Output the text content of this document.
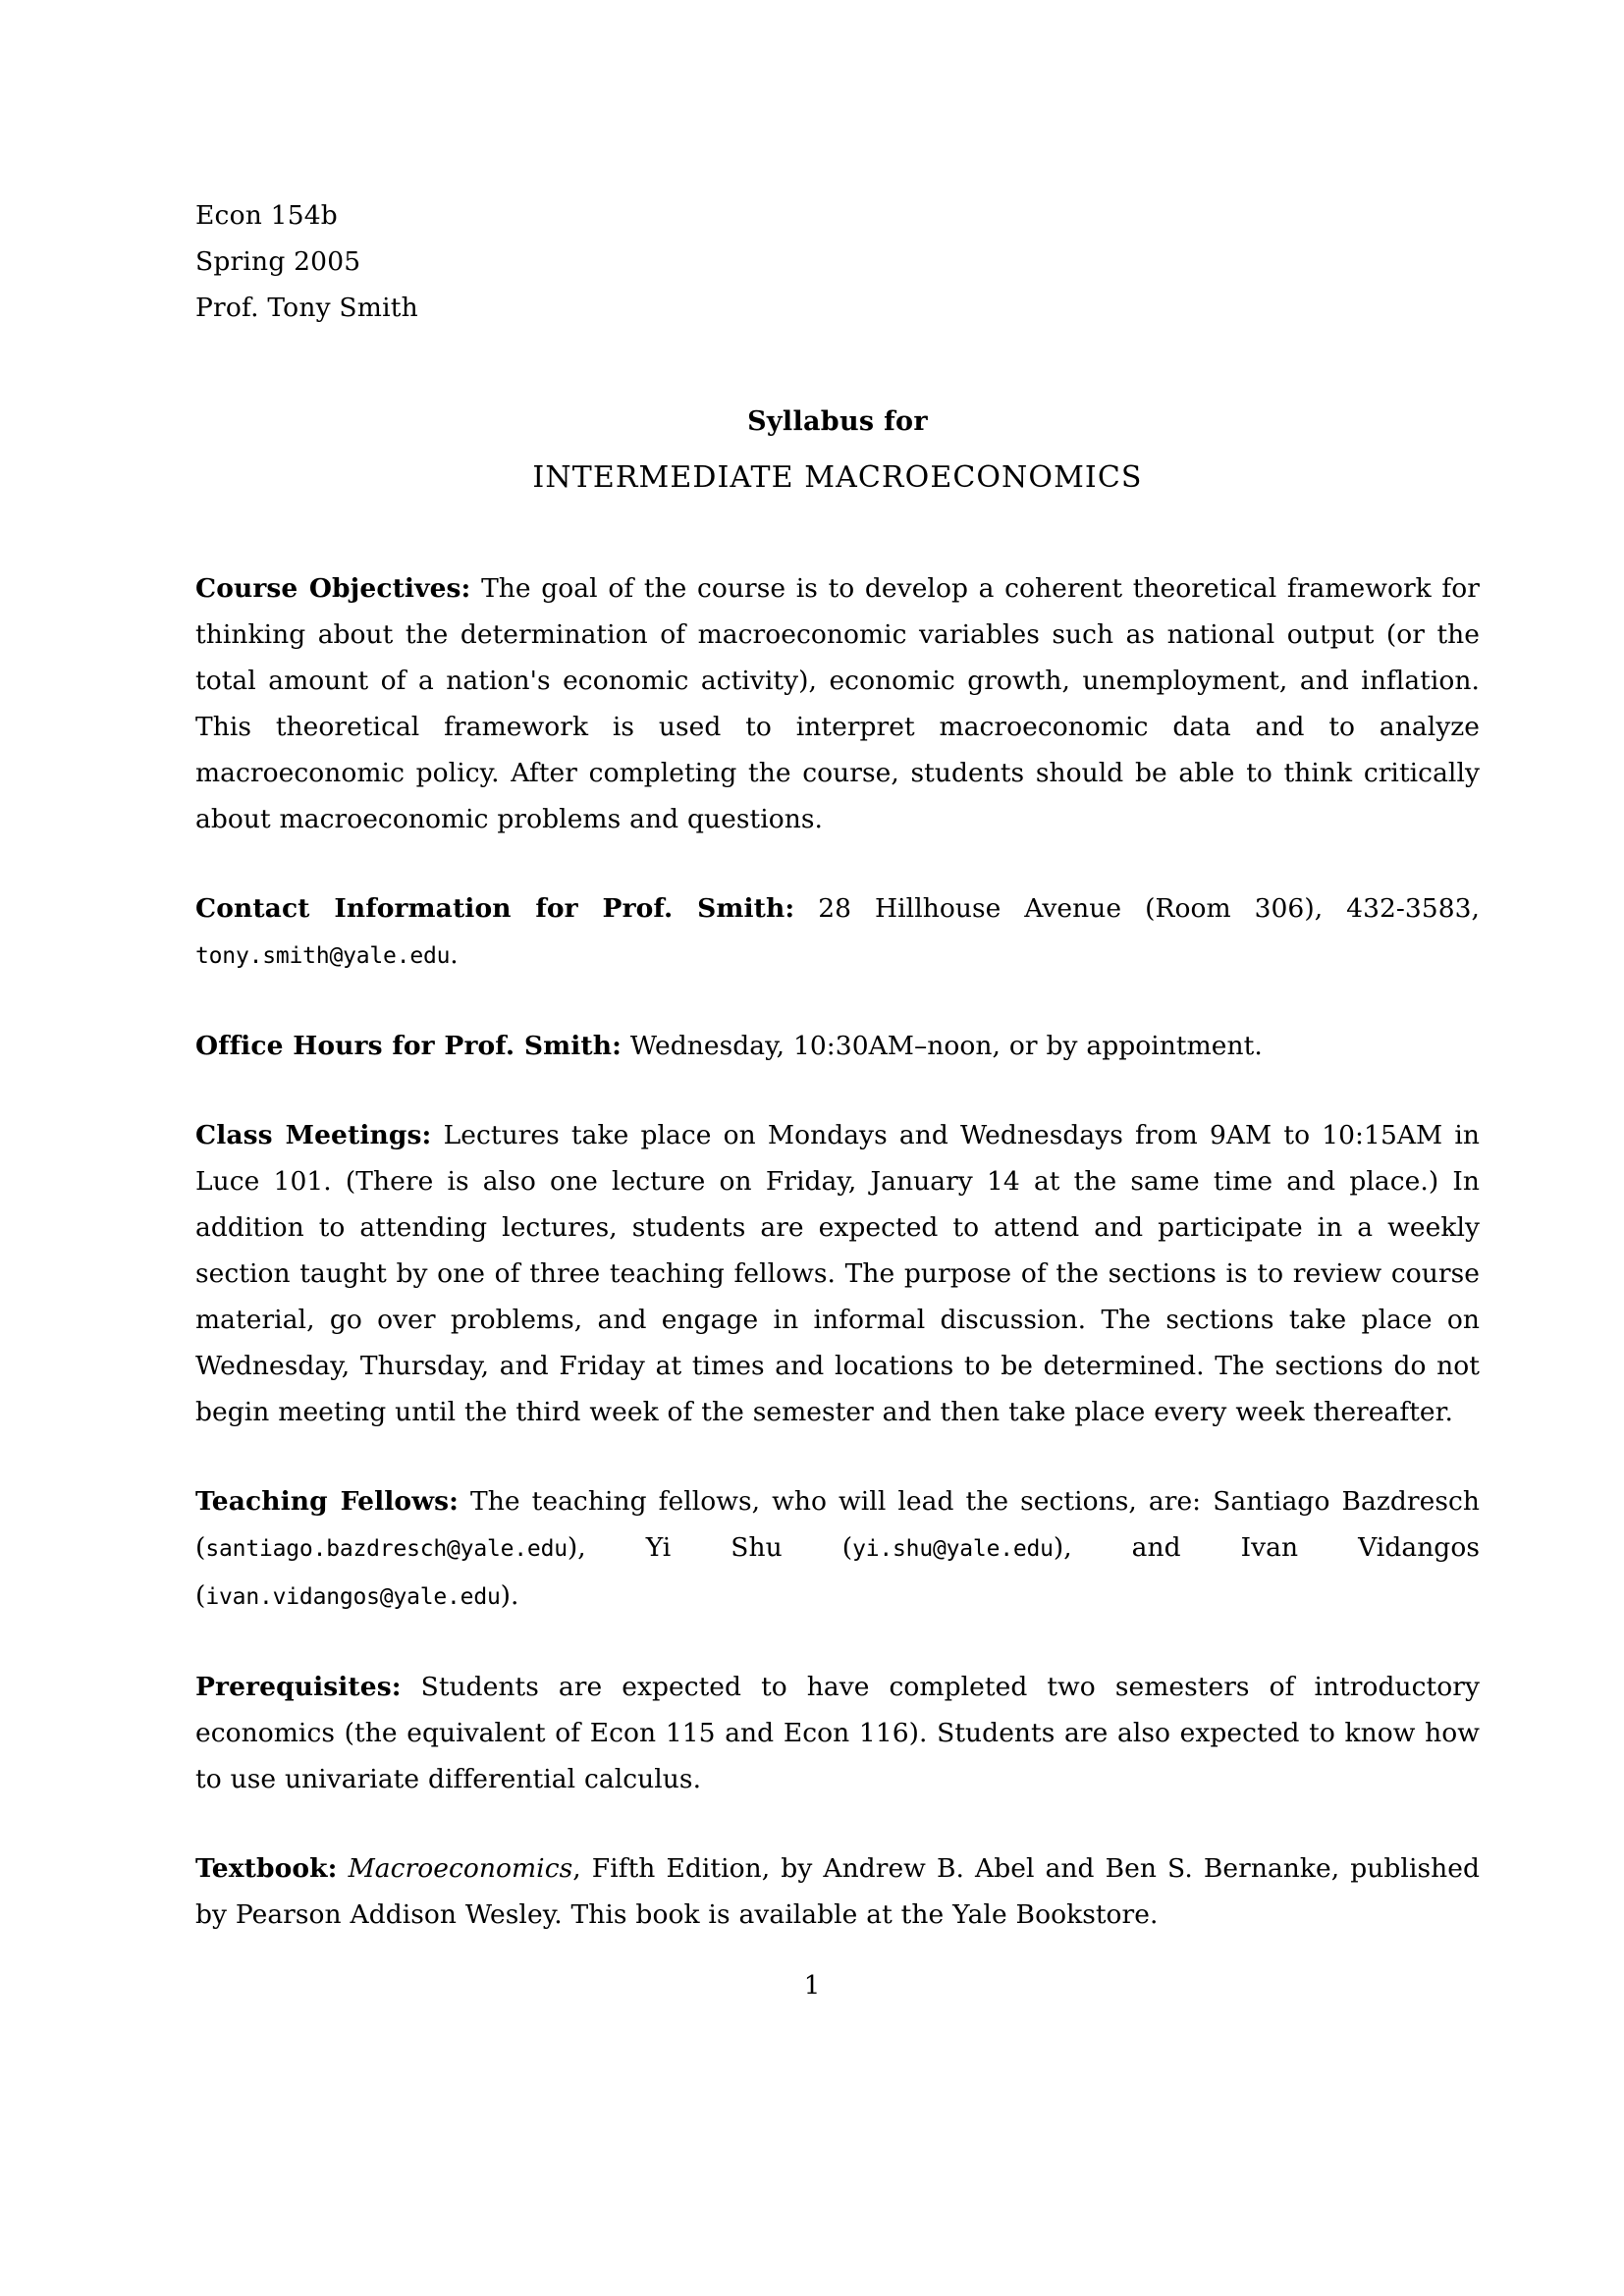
Econ 154b
Spring 2005
Prof. Tony Smith
Syllabus for
INTERMEDIATE MACROECONOMICS

Course Objectives: The goal of the course is to develop a coherent theoretical framework for thinking about the determination of macroeconomic variables such as national output (or the total amount of a nation's economic activity), economic growth, unemployment, and inflation. This theoretical framework is used to interpret macroeconomic data and to analyze macroeconomic policy. After completing the course, students should be able to think critically about macroeconomic problems and questions.

Contact Information for Prof. Smith: 28 Hillhouse Avenue (Room 306), 432-3583, tony.smith@yale.edu.

Office Hours for Prof. Smith: Wednesday, 10:30AM–noon, or by appointment.

Class Meetings: Lectures take place on Mondays and Wednesdays from 9AM to 10:15AM in Luce 101. (There is also one lecture on Friday, January 14 at the same time and place.) In addition to attending lectures, students are expected to attend and participate in a weekly section taught by one of three teaching fellows. The purpose of the sections is to review course material, go over problems, and engage in informal discussion. The sections take place on Wednesday, Thursday, and Friday at times and locations to be determined. The sections do not begin meeting until the third week of the semester and then take place every week thereafter.

Teaching Fellows: The teaching fellows, who will lead the sections, are: Santiago Bazdresch (santiago.bazdresch@yale.edu), Yi Shu (yi.shu@yale.edu), and Ivan Vidangos (ivan.vidangos@yale.edu).

Prerequisites: Students are expected to have completed two semesters of introductory economics (the equivalent of Econ 115 and Econ 116). Students are also expected to know how to use univariate differential calculus.

Textbook: Macroeconomics, Fifth Edition, by Andrew B. Abel and Ben S. Bernanke, published by Pearson Addison Wesley. This book is available at the Yale Bookstore.

1
